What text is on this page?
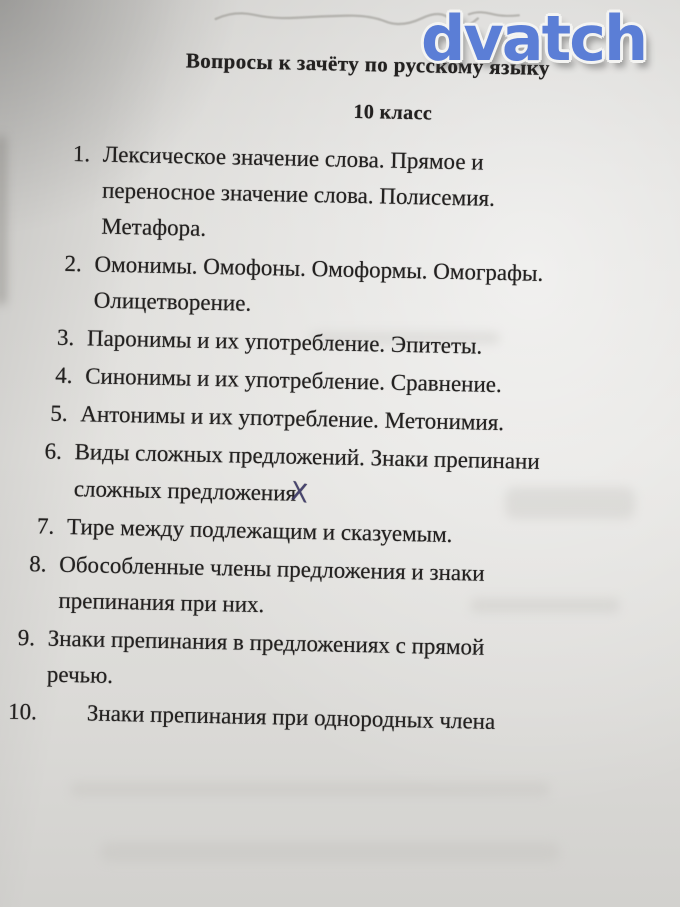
Вопросы к зачёту по русскому языку
10 класс
1. Лексическое значение слова. Прямое и
переносное значение слова. Полисемия.
Метафора.
2. Омонимы. Омофоны. Омоформы. Омографы.
Олицетворение.
3. Паронимы и их употребление. Эпитеты.
4. Синонимы и их употребление. Сравнение.
5. Антонимы и их употребление. Метонимия.
6. Виды сложных предложений. Знаки препинани
сложных предложенияХ
7. Тире между подлежащим и сказуемым.
8. Обособленные члены предложения и знаки
препинания при них.
9. Знаки препинания в предложениях с прямой
речью.
10.	Знаки препинания при однородных члена
dvatch
